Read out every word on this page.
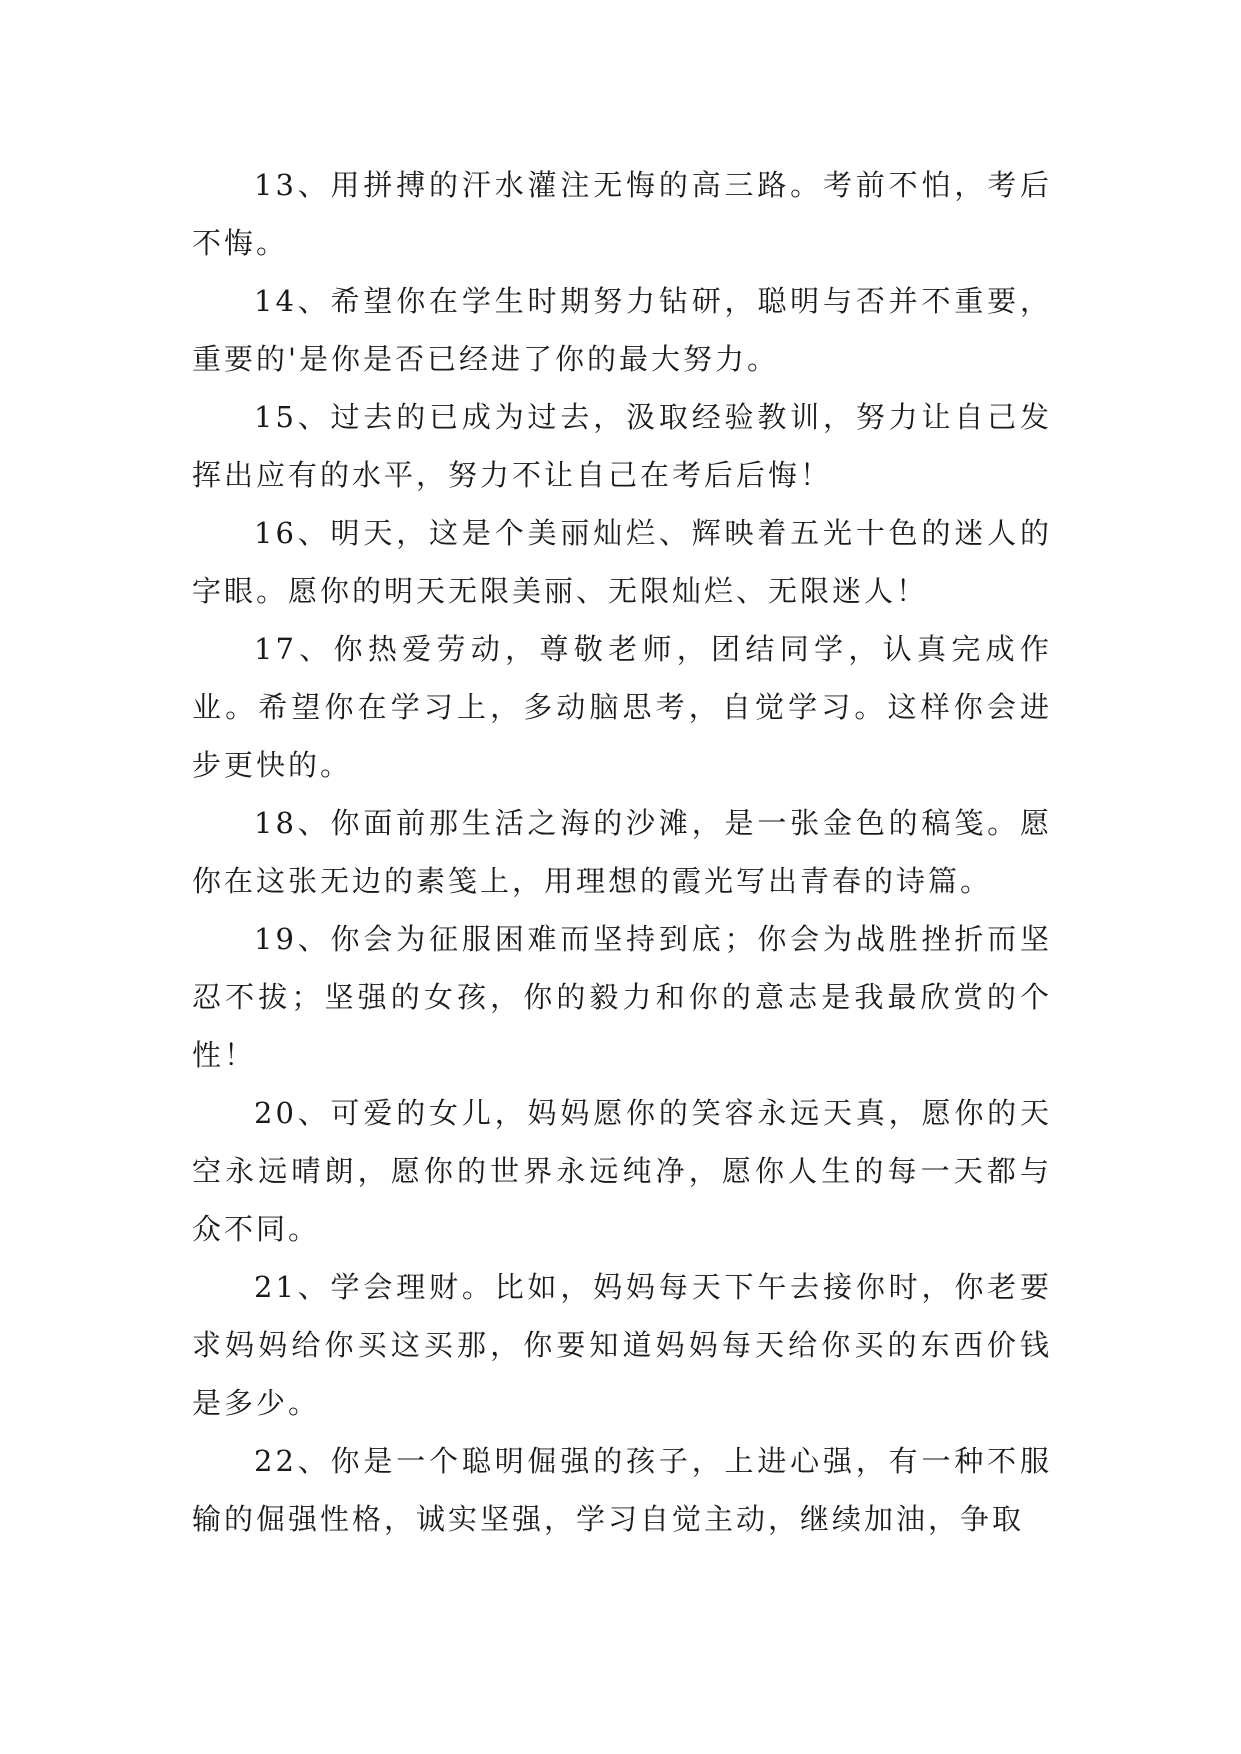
13、用拼搏的汗水灌注无悔的高三路。考前不怕，考后不悔。

14、希望你在学生时期努力钻研，聪明与否并不重要，重要的'是你是否已经进了你的最大努力。

15、过去的已成为过去，汲取经验教训，努力让自己发挥出应有的水平，努力不让自己在考后后悔！

16、明天，这是个美丽灿烂、辉映着五光十色的迷人的字眼。愿你的明天无限美丽、无限灿烂、无限迷人！

17、你热爱劳动，尊敬老师，团结同学，认真完成作业。希望你在学习上，多动脑思考，自觉学习。这样你会进步更快的。

18、你面前那生活之海的沙滩，是一张金色的稿笺。愿你在这张无边的素笺上，用理想的霞光写出青春的诗篇。

19、你会为征服困难而坚持到底；你会为战胜挫折而坚忍不拔；坚强的女孩，你的毅力和你的意志是我最欣赏的个性！

20、可爱的女儿，妈妈愿你的笑容永远天真，愿你的天空永远晴朗，愿你的世界永远纯净，愿你人生的每一天都与众不同。

21、学会理财。比如，妈妈每天下午去接你时，你老要求妈妈给你买这买那，你要知道妈妈每天给你买的东西价钱是多少。

22、你是一个聪明倔强的孩子，上进心强，有一种不服输的倔强性格，诚实坚强，学习自觉主动，继续加油，争取
